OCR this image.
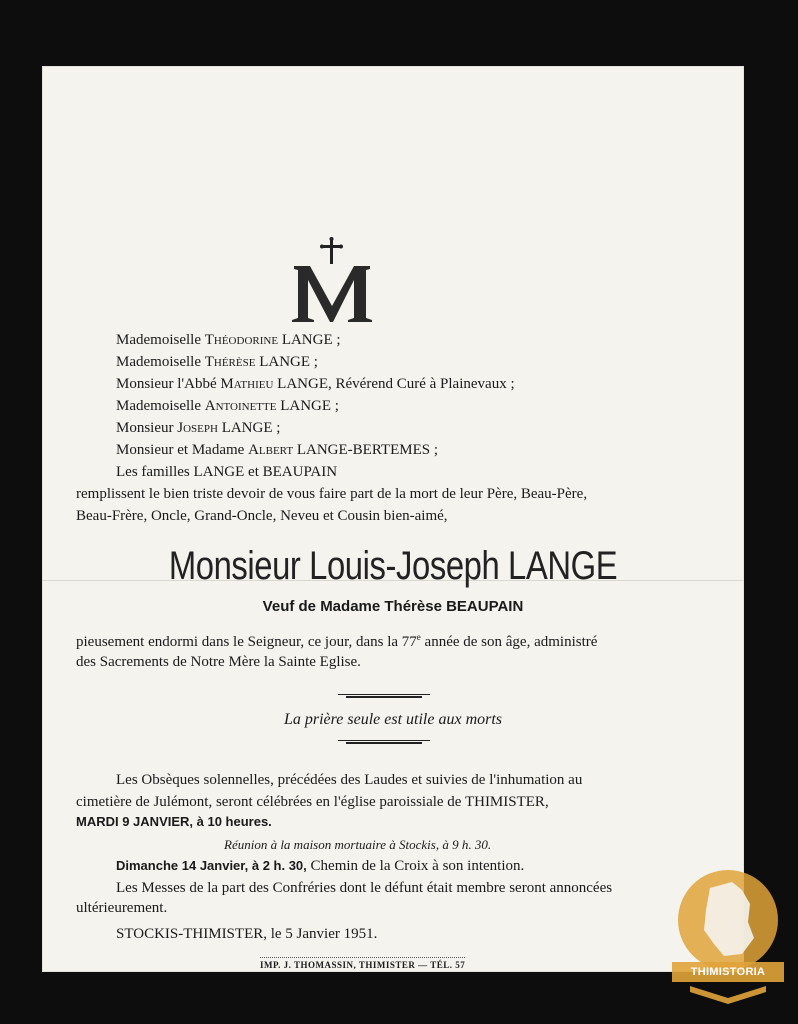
Mademoiselle Théodorine LANGE ;
Mademoiselle Thérèse LANGE ;
Monsieur l'Abbé Mathieu LANGE, Révérend Curé à Plainevaux ;
Mademoiselle Antoinette LANGE ;
Monsieur Joseph LANGE ;
Monsieur et Madame Albert LANGE-BERTEMES ;
Les familles LANGE et BEAUPAIN
remplissent le bien triste devoir de vous faire part de la mort de leur Père, Beau-Père,
Beau-Frère, Oncle, Grand-Oncle, Neveu et Cousin bien-aimé,
Monsieur Louis-Joseph LANGE
Veuf de Madame Thérèse BEAUPAIN
pieusement endormi dans le Seigneur, ce jour, dans la 77e année de son âge, administré
des Sacrements de Notre Mère la Sainte Eglise.
La prière seule est utile aux morts
Les Obsèques solennelles, précédées des Laudes et suivies de l'inhumation au
cimetière de Julémont, seront célébrées en l'église paroissiale de THIMISTER,
MARDI 9 JANVIER, à 10 heures.
Réunion à la maison mortuaire à Stockis, à 9 h. 30.
Dimanche 14 Janvier, à 2 h. 30, Chemin de la Croix à son intention.
Les Messes de la part des Confréries dont le défunt était membre seront annoncées
ultérieurement.
STOCKIS-THIMISTER, le 5 Janvier 1951.
IMP. J. THOMASSIN, THIMISTER — TÉL. 57
THIMISTORIA
